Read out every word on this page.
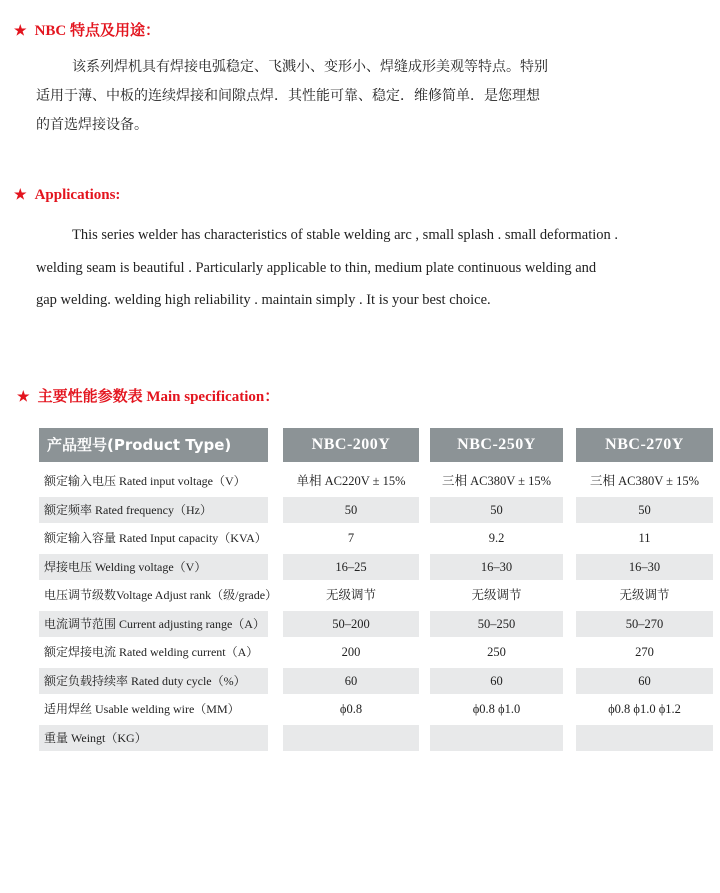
★ NBC 特点及用途：
该系列焊机具有焊接电弧稳定、飞溅小、变形小、焊缝成形美观等特点。特别
适用于薄、中板的连续焊接和间隙点焊．其性能可靠、稳定．维修简单．是您理想
的首选焊接设备。
★ Applications:
This series welder has characteristics of stable welding arc , small splash . small deformation .
welding seam is beautiful . Particularly applicable to thin, medium plate continuous welding and
gap welding. welding high reliability . maintain simply . It is your best choice.
★ 主要性能参数表 Main specification：
产品型号(Product Type)	NBC-200Y	NBC-250Y	NBC-270Y
额定输入电压 Rated input voltage（V）	单相 AC220V ± 15%	三相 AC380V ± 15%	三相 AC380V ± 15%
额定频率 Rated frequency（Hz）	50	50	50
额定输入容量 Rated Input capacity（KVA）	7	9.2	11
焊接电压 Welding voltage（V）	16–25	16–30	16–30
电压调节级数Voltage Adjust rank（级/grade）	无级调节	无级调节	无级调节
电流调节范围 Current adjusting range（A）	50–200	50–250	50–270
额定焊接电流 Rated welding current（A）	200	250	270
额定负载持续率 Rated duty cycle（%）	60	60	60
适用焊丝 Usable welding wire（MM）	ϕ0.8	ϕ0.8 ϕ1.0	ϕ0.8 ϕ1.0 ϕ1.2
重量 Weingt（KG）
